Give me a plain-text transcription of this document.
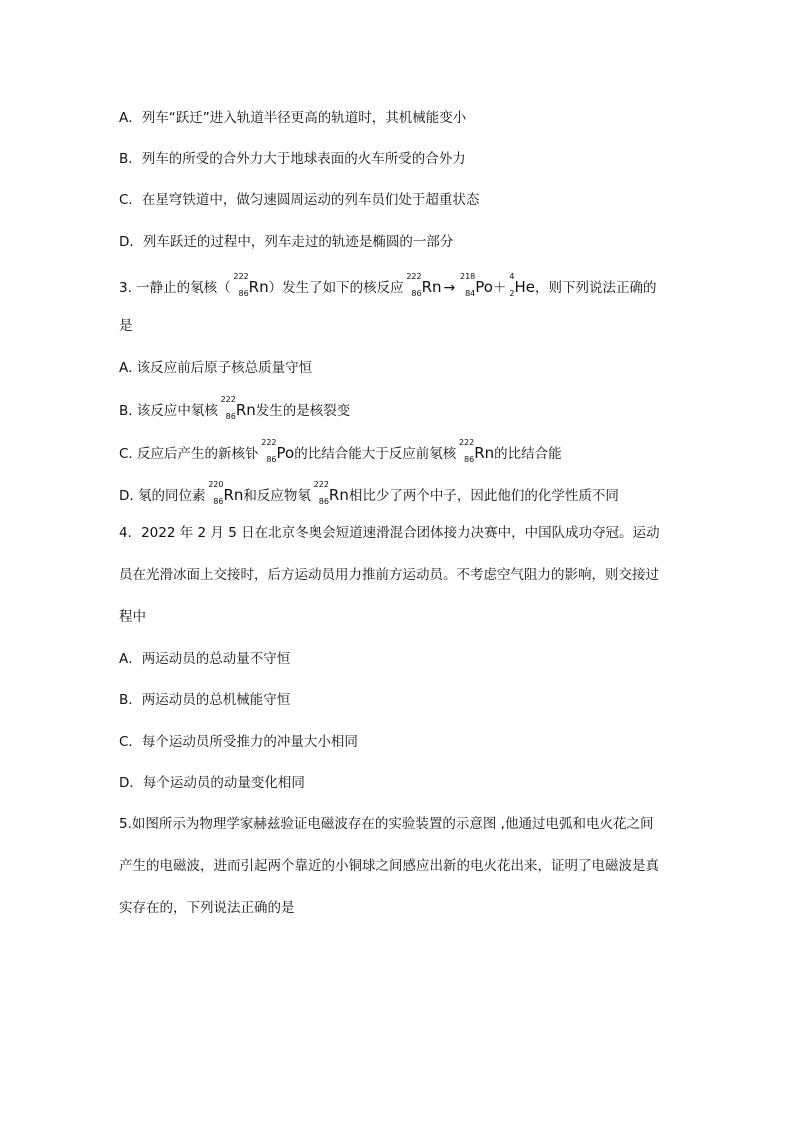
A．列车“跃迁”进入轨道半径更高的轨道时，其机械能变小
B．列车的所受的合外力大于地球表面的火车所受的合外力
C．在星穹铁道中，做匀速圆周运动的列车员们处于超重状态
D．列车跃迁的过程中，列车走过的轨迹是椭圆的一部分
3. 一静止的氡核（
222
86 Rn）发生了如下的核反应
222
86 Rn →
218
84 Po＋
4
2 He，则下列说法正确的
是
A. 该反应前后原子核总质量守恒
B. 该反应中氡核
222
86 Rn发生的是核裂变
C. 反应后产生的新核钋
222
86 Po的比结合能大于反应前氡核
222
86 Rn的比结合能
D. 氡的同位素
220
86 Rn和反应物氡
222
86 Rn相比少了两个中子，因此他们的化学性质不同
4．2022 年 2 月 5 日在北京冬奥会短道速滑混合团体接力决赛中，中国队成功夺冠。运动
员在光滑冰面上交接时，后方运动员用力推前方运动员。不考虑空气阻力的影响，则交接过
程中
A．两运动员的总动量不守恒
B．两运动员的总机械能守恒
C．每个运动员所受推力的冲量大小相同
D．每个运动员的动量变化相同
5.如图所示为物理学家赫兹验证电磁波存在的实验装置的示意图 ,他通过电弧和电火花之间
产生的电磁波，进而引起两个靠近的小铜球之间感应出新的电火花出来，证明了电磁波是真
实存在的，下列说法正确的是
